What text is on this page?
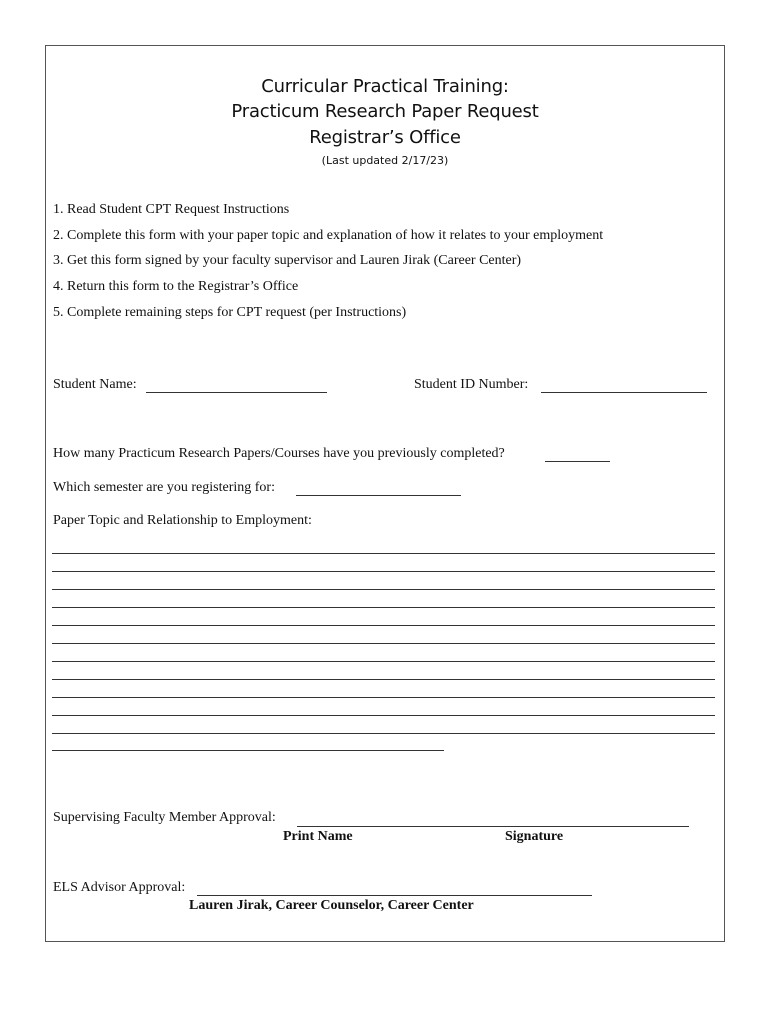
Curricular Practical Training:
Practicum Research Paper Request
Registrar’s Office
(Last updated 2/17/23)
1. Read Student CPT Request Instructions
2. Complete this form with your paper topic and explanation of how it relates to your employment
3. Get this form signed by your faculty supervisor and Lauren Jirak (Career Center)
4. Return this form to the Registrar’s Office
5. Complete remaining steps for CPT request (per Instructions)
Student Name:	Student ID Number:
How many Practicum Research Papers/Courses have you previously completed?
Which semester are you registering for:
Paper Topic and Relationship to Employment:
Supervising Faculty Member Approval:
Print Name	Signature
ELS Advisor Approval:
Lauren Jirak, Career Counselor, Career Center
